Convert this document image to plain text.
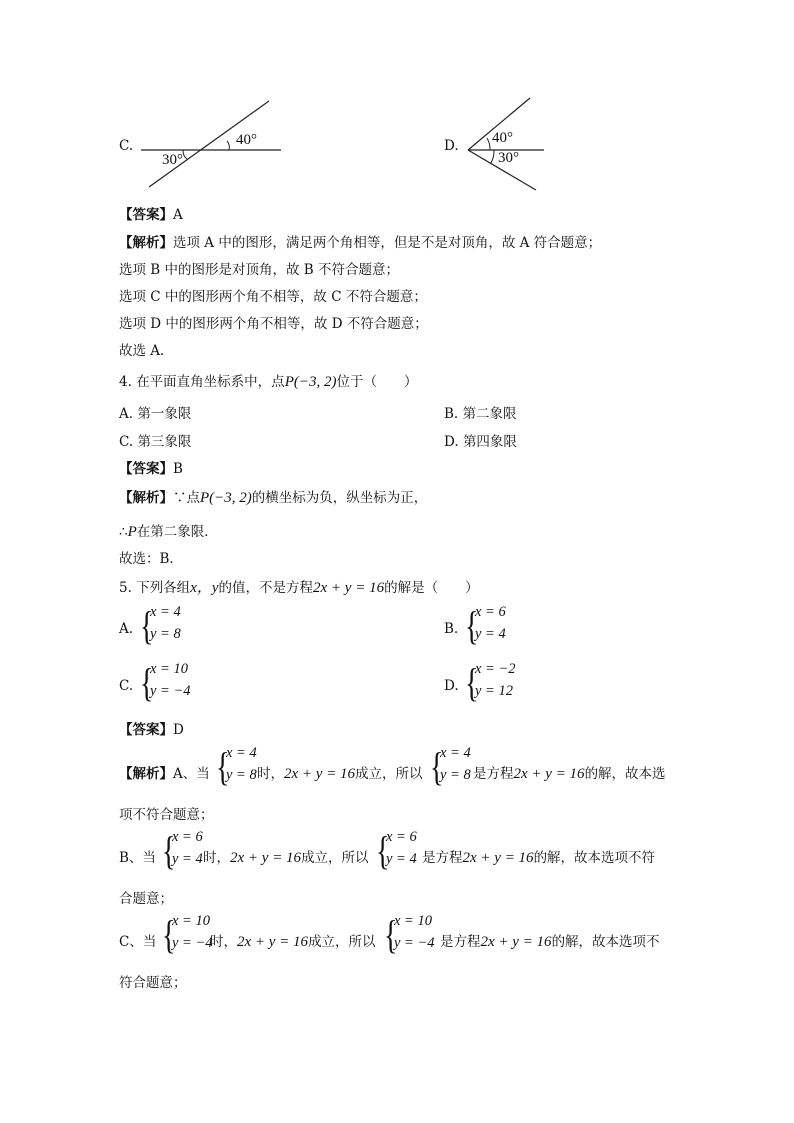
C.	40°
30°
D. 40°
30°
【答案】A
【解析】选项 A 中的图形，满足两个角相等，但是不是对顶角，故 A 符合题意；
选项 B 中的图形是对顶角，故 B 不符合题意；
选项 C 中的图形两个角不相等，故 C 不符合题意；
选项 D 中的图形两个角不相等，故 D 不符合题意；
故选 A．
4. 在平面直角坐标系中，点P(−3, 2)位于（　　）
A. 第一象限	B. 第二象限
C. 第三象限	D. 第四象限
【答案】B
【解析】∵点P(−3, 2)的横坐标为负，纵坐标为正，
∴P在第二象限．
故选：B．
5. 下列各组x，y的值，不是方程2x + y = 16的解是（　　）
A. {
x = 4
y = 8	B. {
x = 6
y = 4
C. {
x = 10
y = −4	D. {
x = −2
y = 12
【答案】D
【解析】A、当 {
x = 4
y = 8 时，2x + y = 16成立，所以 {
x = 4
y = 8 是方程2x + y = 16的解，故本选
项不符合题意；
B、当 {
x = 6
y = 4 时，2x + y = 16成立，所以 {
x = 6
y = 4 是方程2x + y = 16的解，故本选项不符
合题意；
C、当 {
x = 10
y = −4
时，2x + y = 16成立，所以 {
x = 10
y = −4 是方程2x + y = 16的解，故本选项不
符合题意；
